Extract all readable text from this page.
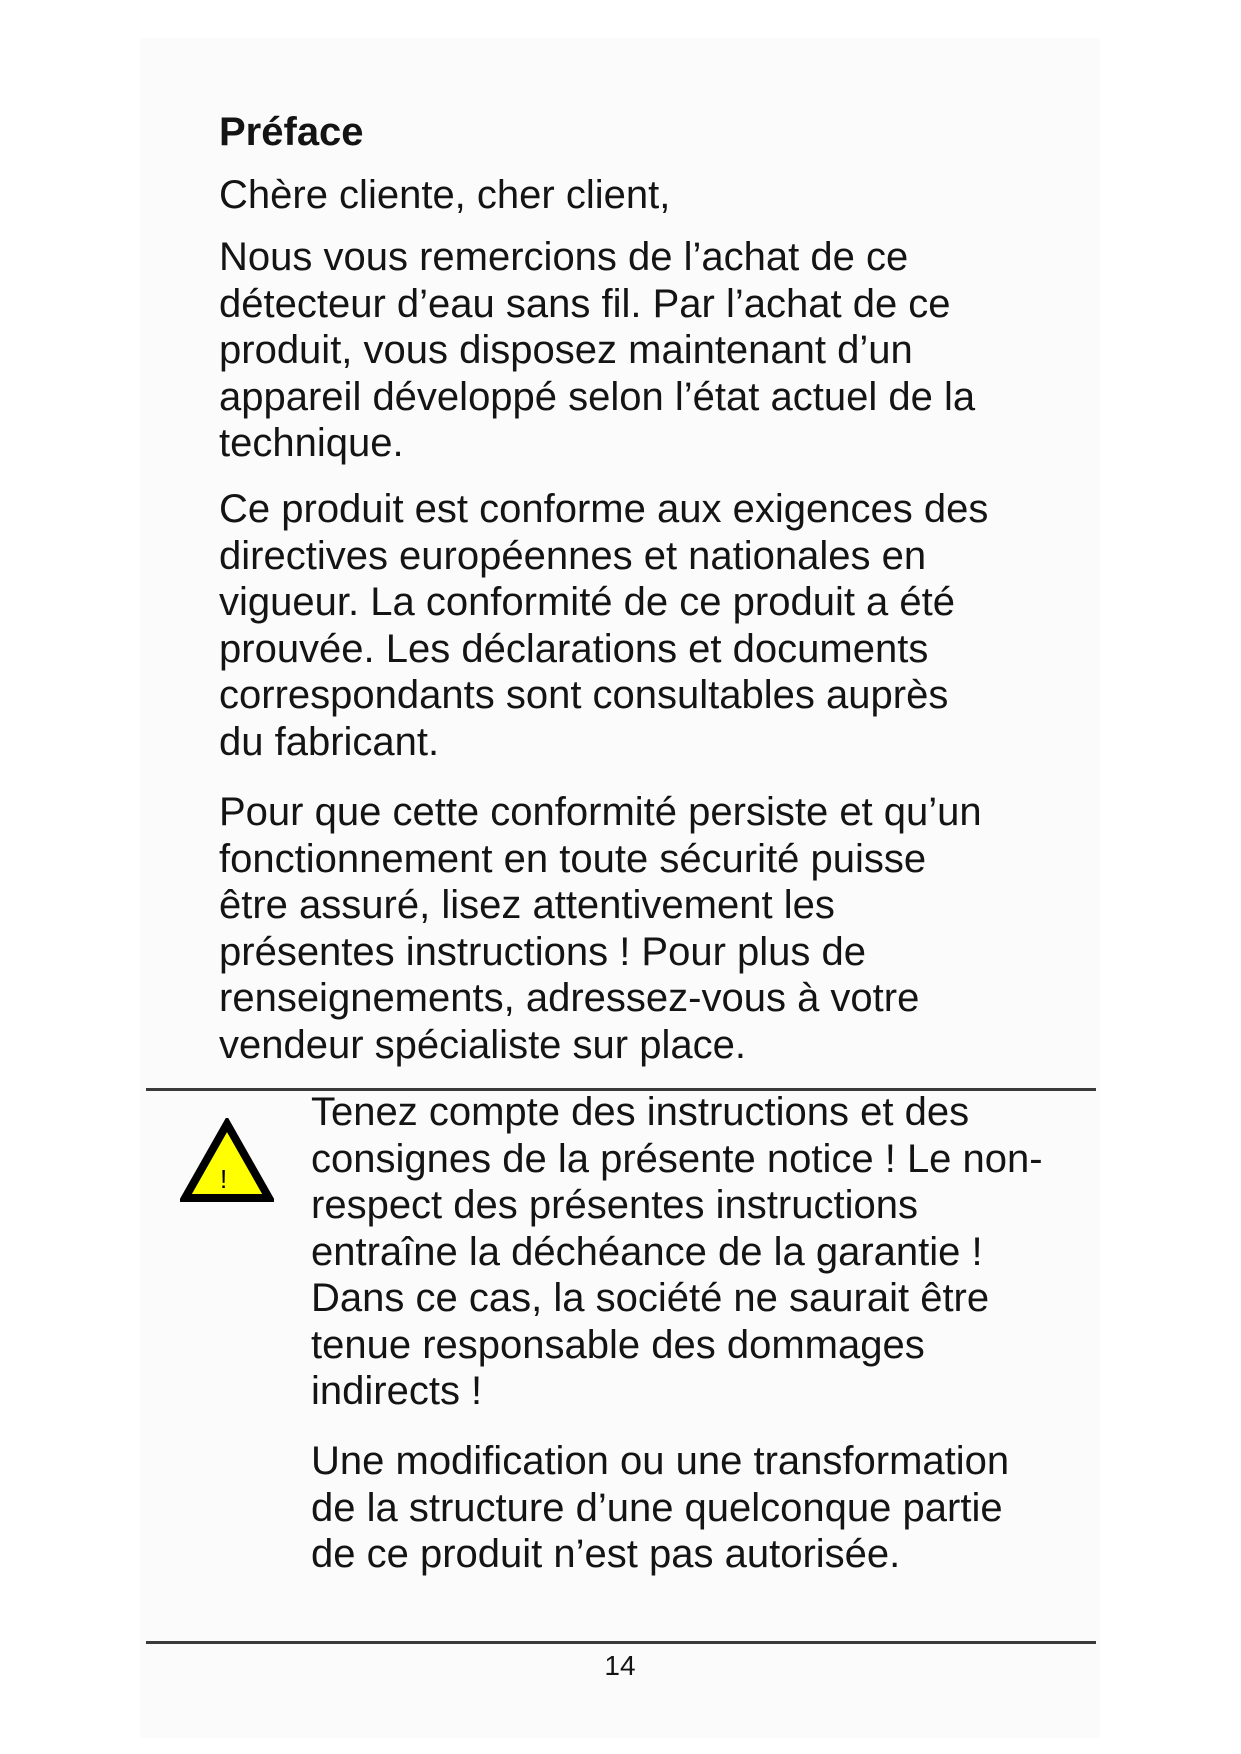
Préface

Chère cliente, cher client,

Nous vous remercions de l’achat de ce
détecteur d’eau sans fil. Par l’achat de ce
produit, vous disposez maintenant d’un
appareil développé selon l’état actuel de la
technique.

Ce produit est conforme aux exigences des
directives européennes et nationales en
vigueur. La conformité de ce produit a été
prouvée. Les déclarations et documents
correspondants sont consultables auprès
du fabricant.

Pour que cette conformité persiste et qu’un
fonctionnement en toute sécurité puisse
être assuré, lisez attentivement les
présentes instructions ! Pour plus de
renseignements, adressez-vous à votre
vendeur spécialiste sur place.

!

Tenez compte des instructions et des
consignes de la présente notice ! Le non-
respect des présentes instructions
entraîne la déchéance de la garantie !
Dans ce cas, la société ne saurait être
tenue responsable des dommages
indirects !

Une modification ou une transformation
de la structure d’une quelconque partie
de ce produit n’est pas autorisée.

14
